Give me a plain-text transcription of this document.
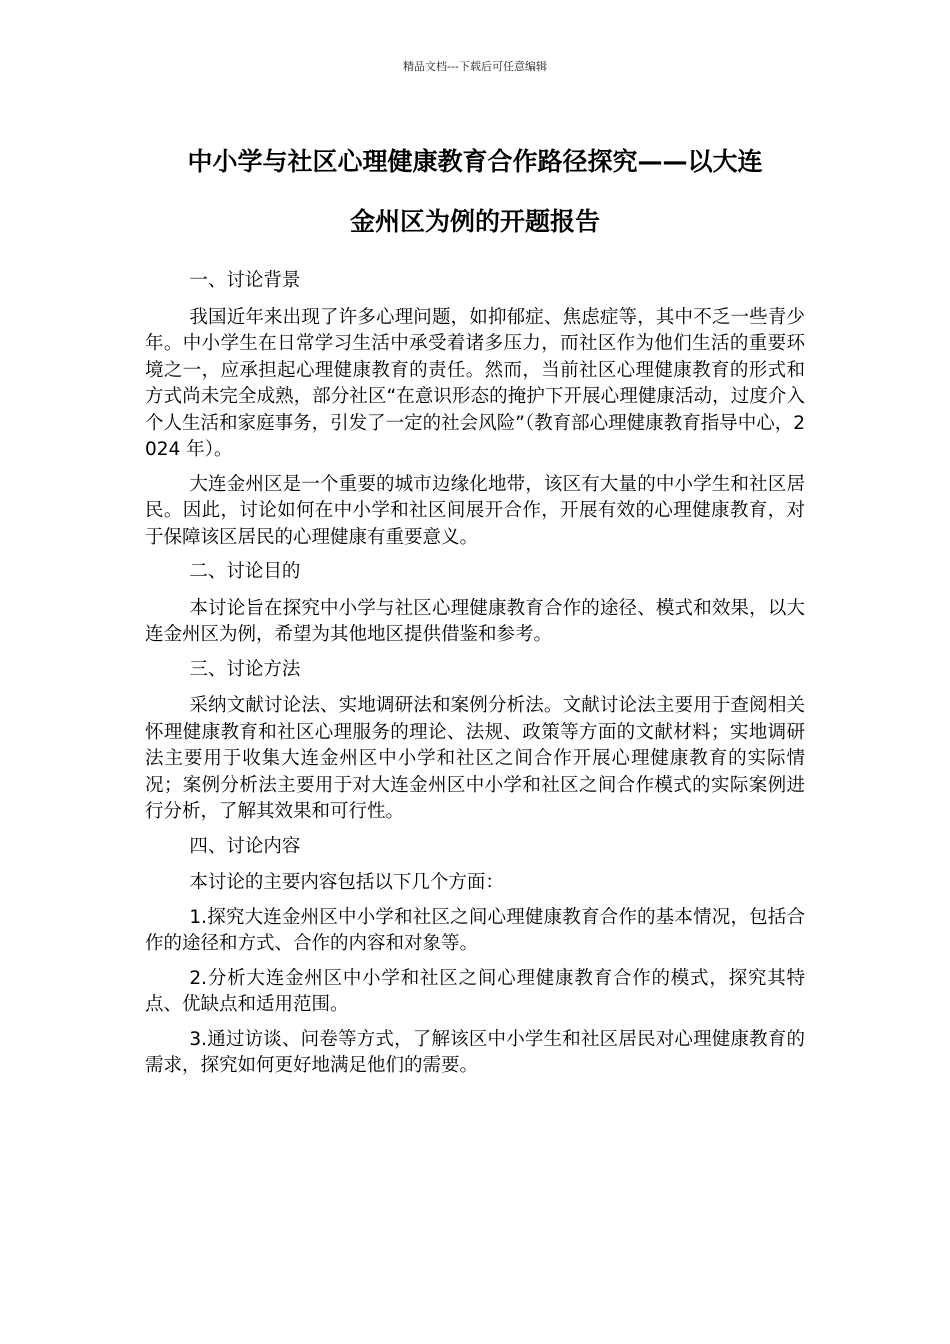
精品文档---下载后可任意编辑
中小学与社区心理健康教育合作路径探究——以大连
金州区为例的开题报告

一、讨论背景

我国近年来出现了许多心理问题，如抑郁症、焦虑症等，其中不乏一些青少年。中小学生在日常学习生活中承受着诸多压力，而社区作为他们生活的重要环境之一，应承担起心理健康教育的责任。然而，当前社区心理健康教育的形式和方式尚未完全成熟，部分社区“在意识形态的掩护下开展心理健康活动，过度介入个人生活和家庭事务，引发了一定的社会风险”（教育部心理健康教育指导中心，2024 年）。

大连金州区是一个重要的城市边缘化地带，该区有大量的中小学生和社区居民。因此，讨论如何在中小学和社区间展开合作，开展有效的心理健康教育，对于保障该区居民的心理健康有重要意义。

二、讨论目的

本讨论旨在探究中小学与社区心理健康教育合作的途径、模式和效果，以大连金州区为例，希望为其他地区提供借鉴和参考。

三、讨论方法

采纳文献讨论法、实地调研法和案例分析法。文献讨论法主要用于查阅相关怀理健康教育和社区心理服务的理论、法规、政策等方面的文献材料；实地调研法主要用于收集大连金州区中小学和社区之间合作开展心理健康教育的实际情况；案例分析法主要用于对大连金州区中小学和社区之间合作模式的实际案例进行分析，了解其效果和可行性。

四、讨论内容

本讨论的主要内容包括以下几个方面：

1.探究大连金州区中小学和社区之间心理健康教育合作的基本情况，包括合作的途径和方式、合作的内容和对象等。

2.分析大连金州区中小学和社区之间心理健康教育合作的模式，探究其特点、优缺点和适用范围。

3.通过访谈、问卷等方式，了解该区中小学生和社区居民对心理健康教育的需求，探究如何更好地满足他们的需要。
